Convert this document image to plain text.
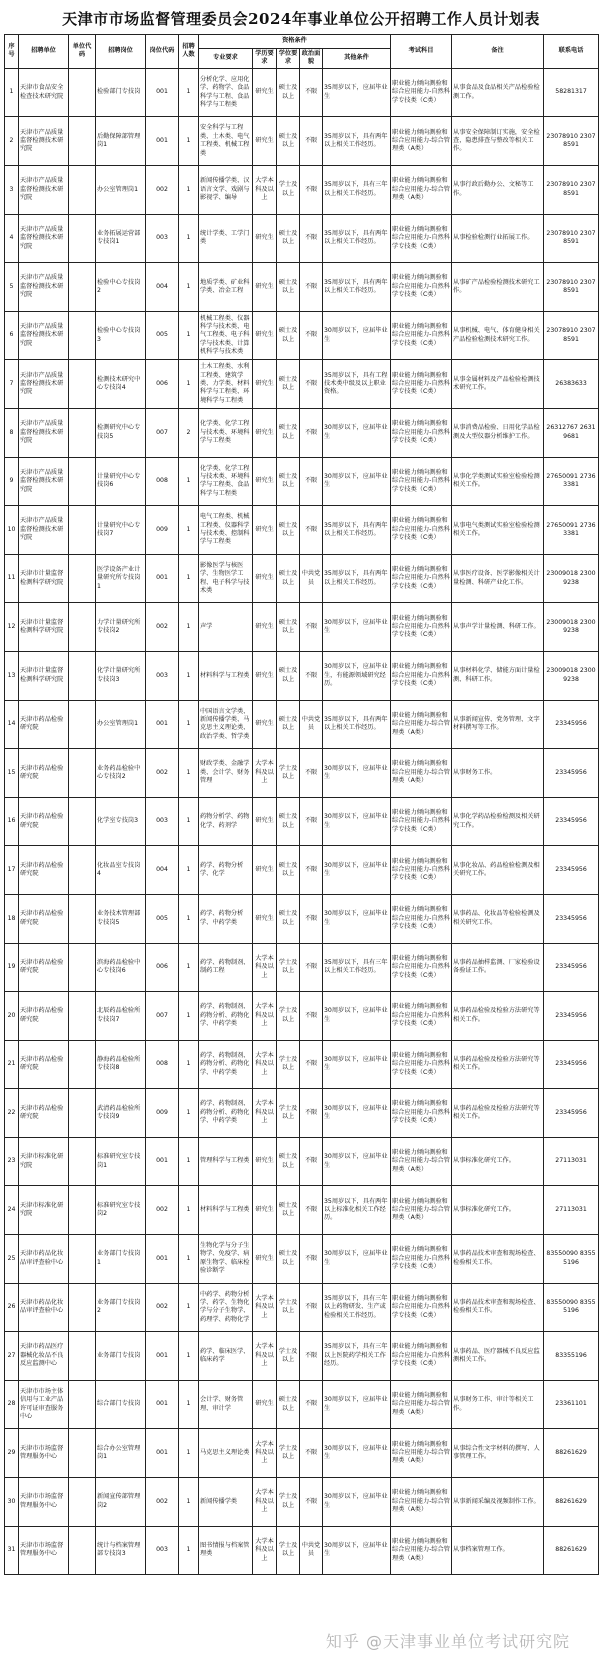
天津市市场监督管理委员会2024年事业单位公开招聘工作人员计划表
序号	招聘单位	单位代码	招聘岗位	岗位代码	招聘人数	资格条件					考试科目	备注	联系电话
						专业要求	学历要求	学位要求	政治面貌	其他条件			
1	天津市食品安全检查技术研究院		检验部门专技岗	001	1	分析化学、应用化学、药物学、食品科学与工程、食品科学与工程类	研究生	硕士及以上	不限	35周岁以下，应届毕业生	职业能力倾向测验和综合应用能力-自然科学专技类（C类）	从事食品及食品相关产品检验检测工作。	58281317
2	天津市产品质量监督检测技术研究院		后勤保障部管理岗1	001	1	安全科学与工程类、土木类、电气工程类、机械工程类	研究生	硕士及以上	不限	35周岁以下，具有两年以上相关工作经历。	职业能力倾向测验和综合应用能力-综合管理类（A类）	从事安全保障制订实施，安全检查，隐患排查与整改等相关工作。	23078910 23078591
3	天津市产品质量监督检测技术研究院		办公室管理岗1	002	1	新闻传播学类、汉语言文学、戏剧与影视学、编导	大学本科及以上	学士及以上	不限	35周岁以下，具有三年以上相关工作经历。	职业能力倾向测验和综合应用能力-综合管理类（A类）	从事行政后勤办公、文秘等工作。	23078910 23078591
4	天津市产品质量监督检测技术研究院		业务拓展运营部专技岗1	003	1	统计学类、工学门类	研究生	硕士及以上	不限	35周岁以下，具有两年以上相关工作经历。	职业能力倾向测验和综合应用能力-自然科学专技类（C类）	从事检验检测行业拓展工作。	23078910 23078591
5	天津市产品质量监督检测技术研究院		检验中心专技岗2	004	1	地质学类、矿业科学类、冶金工程	研究生	硕士及以上	不限	35周岁以下，具有两年以上相关工作经历。	职业能力倾向测验和综合应用能力-自然科学专技类（C类）	从事矿产品检验检测技术研究工作。	23078910 23078591
6	天津市产品质量监督检测技术研究院		检验中心专技岗3	005	1	机械工程类、仪器科学与技术类、电气工程类、电子科学与技术类、计算机科学与技术类	研究生	硕士及以上	不限	30周岁以下，应届毕业生	职业能力倾向测验和综合应用能力-自然科学专技类（C类）	从事机械、电气、体育健身相关产品检验检测技术研究工作。	23078910 23078591
7	天津市产品质量监督检测技术研究院		检测技术研究中心专技岗4	006	1	土木工程类、水利工程类、建筑学类、力学类、材料科学与工程类、环境科学与工程类	研究生	硕士及以上	不限	35周岁以下，具有工程技术类中级及以上职业资格。	职业能力倾向测验和综合应用能力-自然科学专技类（C类）	从事金属材料及产品检验检测技术研究工作。	26383633
8	天津市产品质量监督检测技术研究院		检测研究中心专技岗5	007	2	化学类、化学工程与技术类、环境科学与工程类	研究生	硕士及以上	不限	30周岁以下，应届毕业生	职业能力倾向测验和综合应用能力-自然科学专技类（C类）	从事消费品检验、日用化学品检测及大型仪器分析维护工作。	26312767 26319681
9	天津市产品质量监督检测技术研究院		计量研究中心专技岗6	008	1	化学类、化学工程与技术类、环境科学与工程类、食品科学与工程类	研究生	硕士及以上	不限	30周岁以下，应届毕业生	职业能力倾向测验和综合应用能力-自然科学专技类（C类）	从事化学类测试实验室检验检测相关工作。	27650091 27363381
10	天津市产品质量监督检测技术研究院		计量研究中心专技岗7	009	1	电气工程类、机械工程类、仪器科学与技术类、控制科学与工程类	研究生	硕士及以上	不限	35周岁以下，具有两年以上相关工作经历。	职业能力倾向测验和综合应用能力-自然科学专技类（C类）	从事电气类测试实验室检验检测相关工作。	27650091 27363381
11	天津市计量监督检测科学研究院		医学设备产业计量研究所专技岗1	001	1	影像医学与核医学、生物医学工程、电子科学与技术类	研究生	硕士及以上	中共党员	35周岁以下，具有两年以上相关工作经历。	职业能力倾向测验和综合应用能力-自然科学专技类（C类）	从事医疗设备、医学影像相关计量检测、科研产业化工作。	23009018 23009238
12	天津市计量监督检测科学研究院		力学计量研究所专技岗2	002	1	声学	研究生	硕士及以上	不限	30周岁以下，应届毕业生	职业能力倾向测验和综合应用能力-自然科学专技类（C类）	从事声学计量检测、科研工作。	23009018 23009238
13	天津市计量监督检测科学研究院		化学计量研究所专技岗3	003	1	材料科学与工程类	研究生	硕士及以上	不限	30周岁以下，应届毕业生，有能源领域研究经历。	职业能力倾向测验和综合应用能力-自然科学专技类（C类）	从事材料化学、储能方面计量检测、科研工作。	23009018 23009238
14	天津市药品检验研究院		办公室管理岗1	001	1	中国语言文学类、新闻传播学类、马克思主义理论类、政治学类、哲学类	研究生	硕士及以上	中共党员	35周岁以下，具有两年以上相关工作经历。	职业能力倾向测验和综合应用能力-综合管理类（A类）	从事新闻宣传、党务管理、文字材料撰写等工作。	23345956
15	天津市药品检验研究院		业务药品检验中心专技岗2	002	1	财政学类、金融学类、会计学、财务管理	大学本科及以上	学士及以上	不限	30周岁以下，应届毕业生	职业能力倾向测验和综合应用能力-综合管理类（A类）	从事财务工作。	23345956
16	天津市药品检验研究院		化学室专技岗3	003	1	药物分析学、药物化学、药剂学	研究生	硕士及以上	不限	30周岁以下，应届毕业生	职业能力倾向测验和综合应用能力-自然科学专技类（C类）	从事化学药品检验检测及相关研究工作。	23345956
17	天津市药品检验研究院		化妆品室专技岗4	004	1	药学、药物分析学、化学	研究生	硕士及以上	不限	30周岁以下，应届毕业生	职业能力倾向测验和综合应用能力-自然科学专技类（C类）	从事化妆品、药品检验检测及相关研究工作。	23345956
18	天津市药品检验研究院		业务技术管理部专技岗5	005	1	药学、药物分析学、中药学类	研究生	硕士及以上	不限	30周岁以下，应届毕业生	职业能力倾向测验和综合应用能力-自然科学专技类（C类）	从事药品、化妆品等检验检测及相关研究工作。	23345956
19	天津市药品检验研究院		滨海药品检验中心专技岗6	006	1	药学、药物制剂、制药工程	大学本科及以上	学士及以上	不限	35周岁以下，具有三年以上相关工作经历。	职业能力倾向测验和综合应用能力-自然科学专技类（C类）	从事药品抽样监测、厂家检验设备验证工作。	23345956
20	天津市药品检验研究院		北辰药品检验所专技岗7	007	1	药学、药物制剂、药物分析、药物化学、中药学类	大学本科及以上	学士及以上	不限	30周岁以下，应届毕业生	职业能力倾向测验和综合应用能力-自然科学专技类（C类）	从事药品检验及检验方法研究等相关工作。	23345956
21	天津市药品检验研究院		静海药品检验所专技岗8	008	1	药学、药物制剂、药物分析、药物化学、中药学类	大学本科及以上	学士及以上	不限	30周岁以下，应届毕业生	职业能力倾向测验和综合应用能力-自然科学专技类（C类）	从事药品检验及检验方法研究等相关工作。	23345956
22	天津市药品检验研究院		武清药品检验所专技岗9	009	1	药学、药物制剂、药物分析、药物化学、中药学类	大学本科及以上	学士及以上	不限	30周岁以下，应届毕业生	职业能力倾向测验和综合应用能力-自然科学专技类（C类）	从事药品检验及检验方法研究等相关工作。	23345956
23	天津市标准化研究院		标准研究室专技岗1	001	1	管理科学与工程类	研究生	硕士及以上	不限	30周岁以下，应届毕业生	职业能力倾向测验和综合应用能力-综合管理类（A类）	从事标准化研究工作。	27113031
24	天津市标准化研究院		标准研究室专技岗2	002	1	材料科学与工程类	研究生	硕士及以上	不限	35周岁以下，具有两年以上标准化相关工作经历。	职业能力倾向测验和综合应用能力-综合管理类（A类）	从事标准化研究工作。	27113031
25	天津市药品化妆品审评查验中心		业务部门专技岗1	001	1	生物化学与分子生物学、免疫学、病原生物学、临床检验诊断学	研究生	硕士及以上	不限	30周岁以下，应届毕业生	职业能力倾向测验和综合应用能力-自然科学专技类（C类）	从事药品技术审查和现场检查、检验相关工作。	83550090 83555196
26	天津市药品化妆品审评查验中心		业务部门专技岗2	002	1	中药学、药物分析学、药学、生物化学与分子生物学、药理学、药物化学	大学本科及以上	学士及以上	不限	35周岁以下，具有三年以上药物研发、生产或检验相关工作经历。	职业能力倾向测验和综合应用能力-自然科学专技类（C类）	从事药品技术审查和现场检查、检验相关工作。	83550090 83555196
27	天津市药品医疗器械化妆品不良反应监测中心		业务部门专技岗	001	1	药学、临床医学、临床药学	大学本科及以上	学士及以上	不限	35周岁以下，具有三年以上医院药学相关工作经历。	职业能力倾向测验和综合应用能力-自然科学专技类（C类）	从事药品、医疗器械不良反应监测相关工作。	83355196
28	天津市市场主体信用与工业产品许可证审查服务中心		综合部门专技岗	001	1	会计学、财务管理、审计学	研究生	硕士及以上	不限	30周岁以下，应届毕业生	职业能力倾向测验和综合应用能力-综合管理类（A类）	从事财务工作、审计等相关工作。	23361101
29	天津市市场监督管理服务中心		综合办公室管理岗1	001	1	马克思主义理论类	大学本科及以上	学士及以上	不限	30周岁以下，应届毕业生	职业能力倾向测验和综合应用能力-综合管理类（A类）	从事综合性文字材料的撰写、人事管理工作。	88261629
30	天津市市场监督管理服务中心		新闻宣传部管理岗2	002	1	新闻传播学类	大学本科及以上	学士及以上	不限	30周岁以下，应届毕业生	职业能力倾向测验和综合应用能力-综合管理类（A类）	从事新闻采编及视频制作工作。	88261629
31	天津市市场监督管理服务中心		统计与档案管理部专技岗3	003	1	图书情报与档案管理类	大学本科及以上	学士及以上	中共党员	30周岁以下，应届毕业生	职业能力倾向测验和综合应用能力-综合管理类（A类）	从事档案管理工作。	88261629
知乎 @天津事业单位考试研究院
